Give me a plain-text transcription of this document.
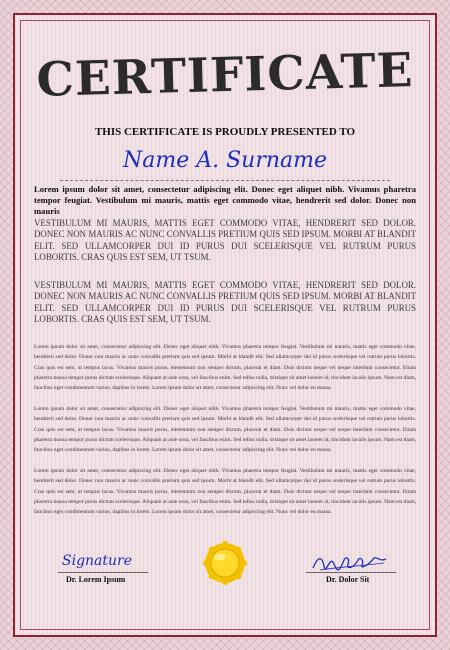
CERTIFICATE
THIS CERTIFICATE IS PROUDLY PRESENTED TO
Name A. Surname

Lorem ipsum dolor sit amet, consectetur adipiscing elit. Donec eget aliquet nibh. Vivamus pharetra tempor feugiat. Vestibulum mi mauris, mattis eget commodo vitae, hendrerit sed dolor. Donec non mauris

VESTIBULUM MI MAURIS, MATTIS EGET COMMODO VITAE, HENDRERIT SED DOLOR. DONEC NON MAURIS AC NUNC CONVALLIS PRETIUM QUIS SED IPSUM. MORBI AT BLANDIT ELIT. SED ULLAMCORPER DUI ID PURUS DUI SCELERISQUE VEL RUTRUM PURUS LOBORTIS. CRAS QUIS EST SEM, UT TSUM.

VESTIBULUM MI MAURIS, MATTIS EGET COMMODO VITAE, HENDRERIT SED DOLOR. DONEC NON MAURIS AC NUNC CONVALLIS PRETIUM QUIS SED IPSUM. MORBI AT BLANDIT ELIT. SED ULLAMCORPER DUI ID PURUS DUI SCELERISQUE VEL RUTRUM PURUS LOBORTIS. CRAS QUIS EST SEM, UT TSUM.

Lorem ipsum dolor sit amet, consectetur adipiscing elit. Donec eget aliquet nibh. Vivamus pharetra tempor feugiat. Vestibulum mi mauris, mattis eget commodo vitae, hendrerit sed dolor. Donec non mauris ac nunc convallis pretium quis sed ipsum. Morbi at blandit elit. Sed ullamcorper dui id purus scelerisque vel rutrum purus lobortis. Cras quis est sem, ut tempus lacus. Vivamus mauris purus, elementum non semper dictum, placerat et diam. Duis dictum neque vel neque interdum consectetur. Etiam pharetra massa tempor purus dictum scelerisque. Aliquam at ante urna, vel faucibus enim. Sed tellus nulla, tristique sit amet laoreet id, tincidunt iaculis ipsum. Nam est diam, faucibus eget condimentum varius, dapibus in lorem. Lorem ipsum dolor sit amet, consectetur adipiscing elit. Nunc vel dolor eu massa.

Lorem ipsum dolor sit amet, consectetur adipiscing elit. Donec eget aliquet nibh. Vivamus pharetra tempor feugiat. Vestibulum mi mauris, mattis eget commodo vitae, hendrerit sed dolor. Donec non mauris ac nunc convallis pretium quis sed ipsum. Morbi at blandit elit. Sed ullamcorper dui id purus scelerisque vel rutrum purus lobortis. Cras quis est sem, ut tempus lacus. Vivamus mauris purus, elementum non semper dictum, placerat et diam. Duis dictum neque vel neque interdum consectetur. Etiam pharetra massa tempor purus dictum scelerisque. Aliquam at ante urna, vel faucibus enim. Sed tellus nulla, tristique sit amet laoreet id, tincidunt iaculis ipsum. Nam est diam, faucibus eget condimentum varius, dapibus in lorem. Lorem ipsum dolor sit amet, consectetur adipiscing elit. Nunc vel dolor eu massa.

Lorem ipsum dolor sit amet, consectetur adipiscing elit. Donec eget aliquet nibh. Vivamus pharetra tempor feugiat. Vestibulum mi mauris, mattis eget commodo vitae, hendrerit sed dolor. Donec non mauris ac nunc convallis pretium quis sed ipsum. Morbi at blandit elit. Sed ullamcorper dui id purus scelerisque vel rutrum purus lobortis. Cras quis est sem, ut tempus lacus. Vivamus mauris purus, elementum non semper dictum, placerat et diam. Duis dictum neque vel neque interdum consectetur. Etiam pharetra massa tempor purus dictum scelerisque. Aliquam at ante urna, vel faucibus enim. Sed tellus nulla, tristique sit amet laoreet id, tincidunt iaculis ipsum. Nam est diam, faucibus eget condimentum varius, dapibus in lorem. Lorem ipsum dolor sit amet, consectetur adipiscing elit. Nunc vel dolor eu massa.

Signature
Dr. Lorem Ipsum	Dr. Dolor Sit
